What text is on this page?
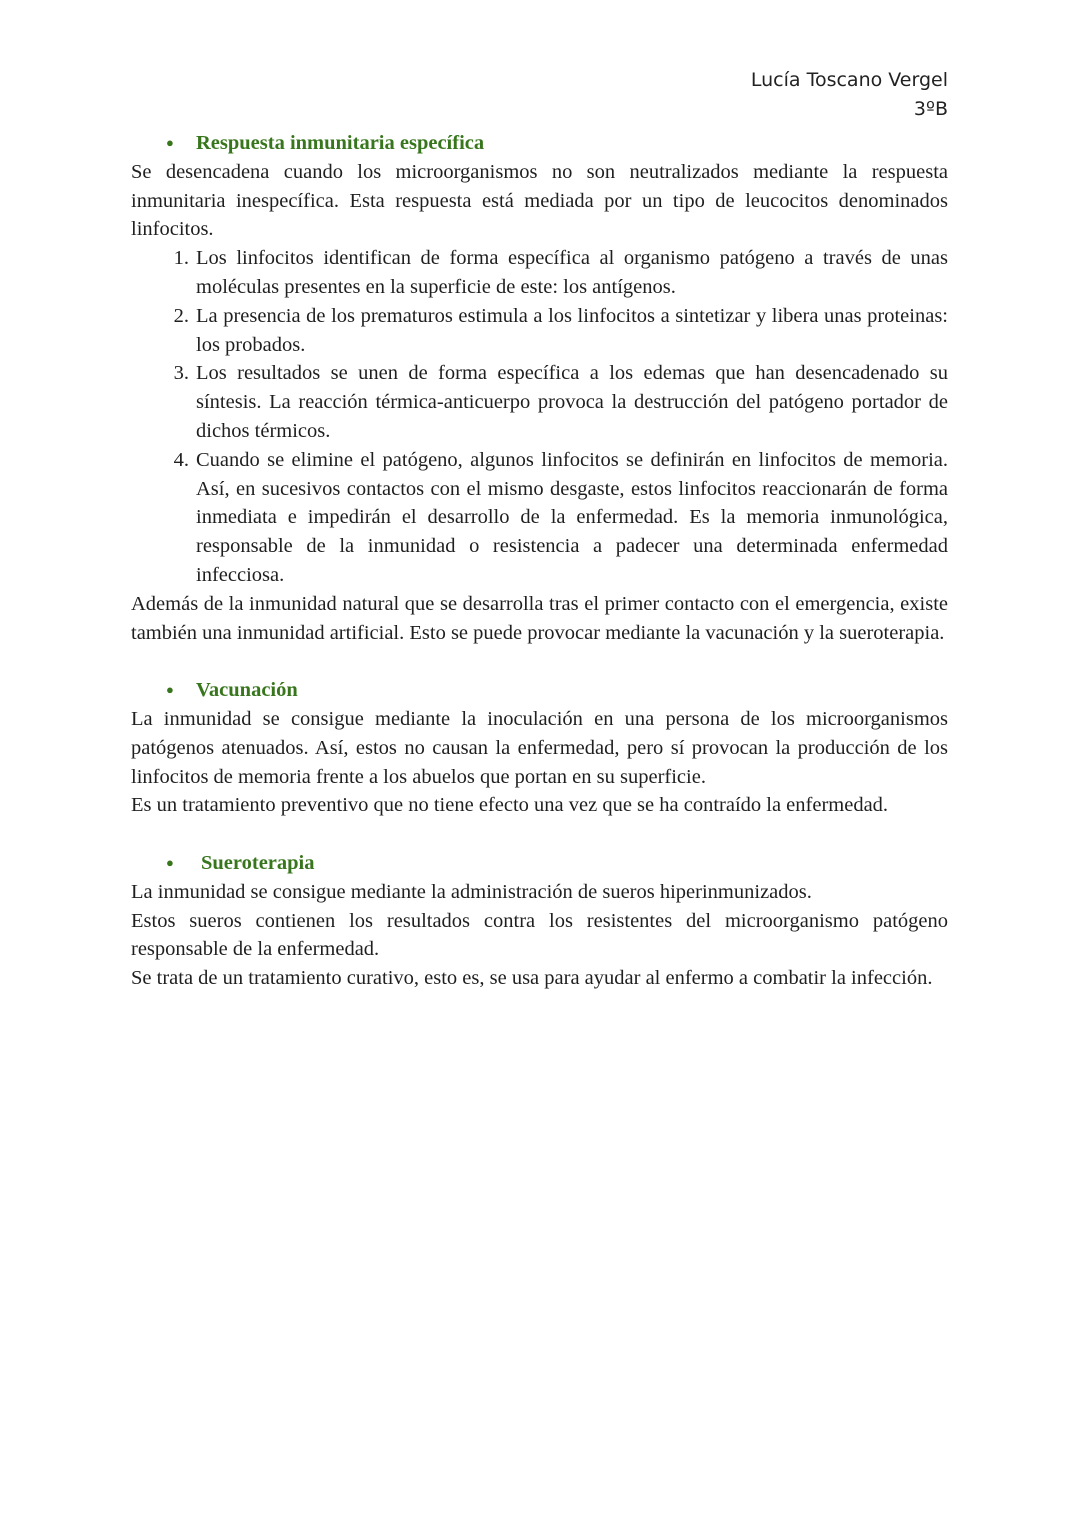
Lucía Toscano Vergel
3ºB
●	Respuesta inmunitaria específica

Se desencadena cuando los microorganismos no son neutralizados mediante la respuesta inmunitaria inespecífica. Esta respuesta está mediada por un tipo de leucocitos denominados linfocitos.

1. Los linfocitos identifican de forma específica al organismo patógeno a través de unas moléculas presentes en la superficie de este: los antígenos.
2. La presencia de los prematuros estimula a los linfocitos a sintetizar y libera unas proteinas: los probados.
3. Los resultados se unen de forma específica a los edemas que han desencadenado su síntesis. La reacción térmica-anticuerpo provoca la destrucción del patógeno portador de dichos térmicos.
4. Cuando se elimine el patógeno, algunos linfocitos se definirán en linfocitos de memoria. Así, en sucesivos contactos con el mismo desgaste, estos linfocitos reaccionarán de forma inmediata e impedirán el desarrollo de la enfermedad. Es la memoria inmunológica, responsable de la inmunidad o resistencia a padecer una determinada enfermedad infecciosa.

Además de la inmunidad natural que se desarrolla tras el primer contacto con el emergencia, existe también una inmunidad artificial. Esto se puede provocar mediante la vacunación y la sueroterapia.

●	Vacunación

La inmunidad se consigue mediante la inoculación en una persona de los microorganismos patógenos atenuados. Así, estos no causan la enfermedad, pero sí provocan la producción de los linfocitos de memoria frente a los abuelos que portan en su superficie.

Es un tratamiento preventivo que no tiene efecto una vez que se ha contraído la enfermedad.

●	Sueroterapia

La inmunidad se consigue mediante la administración de sueros hiperinmunizados.

Estos sueros contienen los resultados contra los resistentes del microorganismo patógeno responsable de la enfermedad.

Se trata de un tratamiento curativo, esto es, se usa para ayudar al enfermo a combatir la infección.
